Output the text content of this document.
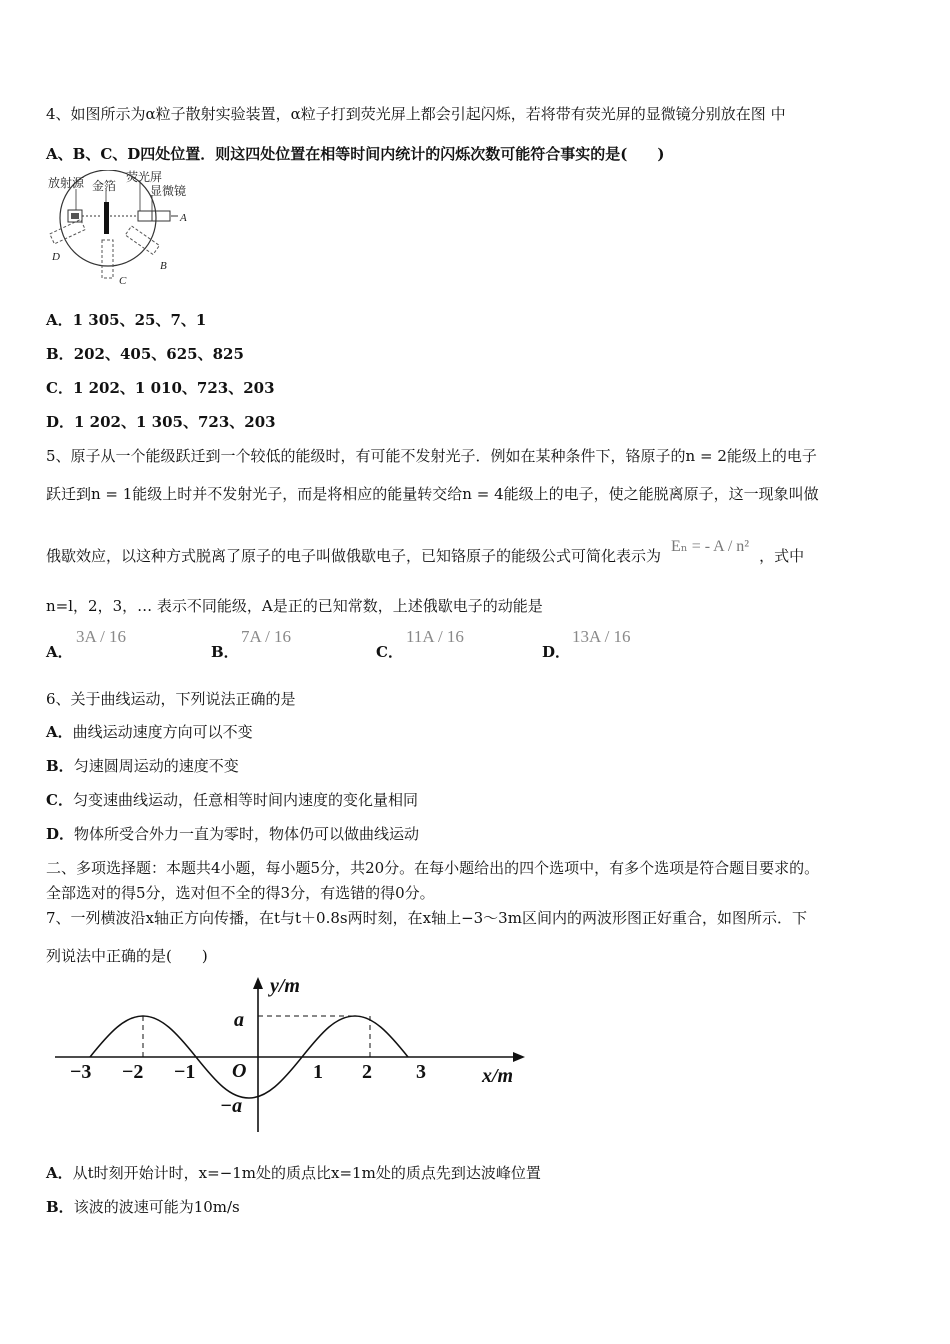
4、如图所示为α粒子散射实验装置，α粒子打到荧光屏上都会引起闪烁，若将带有荧光屏的显微镜分别放在图 中
A、B、C、D四处位置．则这四处位置在相等时间内统计的闪烁次数可能符合事实的是(　　)
放射源 金箔
荧光屏
显微镜
A
B
C
D
A．1 305、25、7、1
B．202、405、625、825
C．1 202、1 010、723、203
D．1 202、1 305、723、203
5、原子从一个能级跃迁到一个较低的能级时，有可能不发射光子．例如在某种条件下，铬原子的n = 2能级上的电子
跃迁到n = 1能级上时并不发射光子，而是将相应的能量转交给n = 4能级上的电子，使之能脱离原子，这一现象叫做
俄歇效应，以这种方式脱离了原子的电子叫做俄歇电子，已知铬原子的能级公式可简化表示为Eₙ = - A / n²，式中
n=l，2，3，… 表示不同能级，A是正的已知常数，上述俄歇电子的动能是
A．
3A / 16
B．
7A / 16
C．
11A / 16
D．
13A / 16
6、关于曲线运动，下列说法正确的是
A．曲线运动速度方向可以不变
B．匀速圆周运动的速度不变
C．匀变速曲线运动，任意相等时间内速度的变化量相同
D．物体所受合外力一直为零时，物体仍可以做曲线运动
二、多项选择题：本题共4小题，每小题5分，共20分。在每小题给出的四个选项中，有多个选项是符合题目要求的。
全部选对的得5分，选对但不全的得3分，有选错的得0分。
7、一列横波沿x轴正方向传播，在t与t＋0.8s两时刻，在x轴上−3～3m区间内的两波形图正好重合，如图所示．下
列说法中正确的是(　　)
y/m
x/m
a
−a
O
−3 −2 −1	1 2 3
A．从t时刻开始计时，x=−1m处的质点比x=1m处的质点先到达波峰位置
B．该波的波速可能为10m/s
